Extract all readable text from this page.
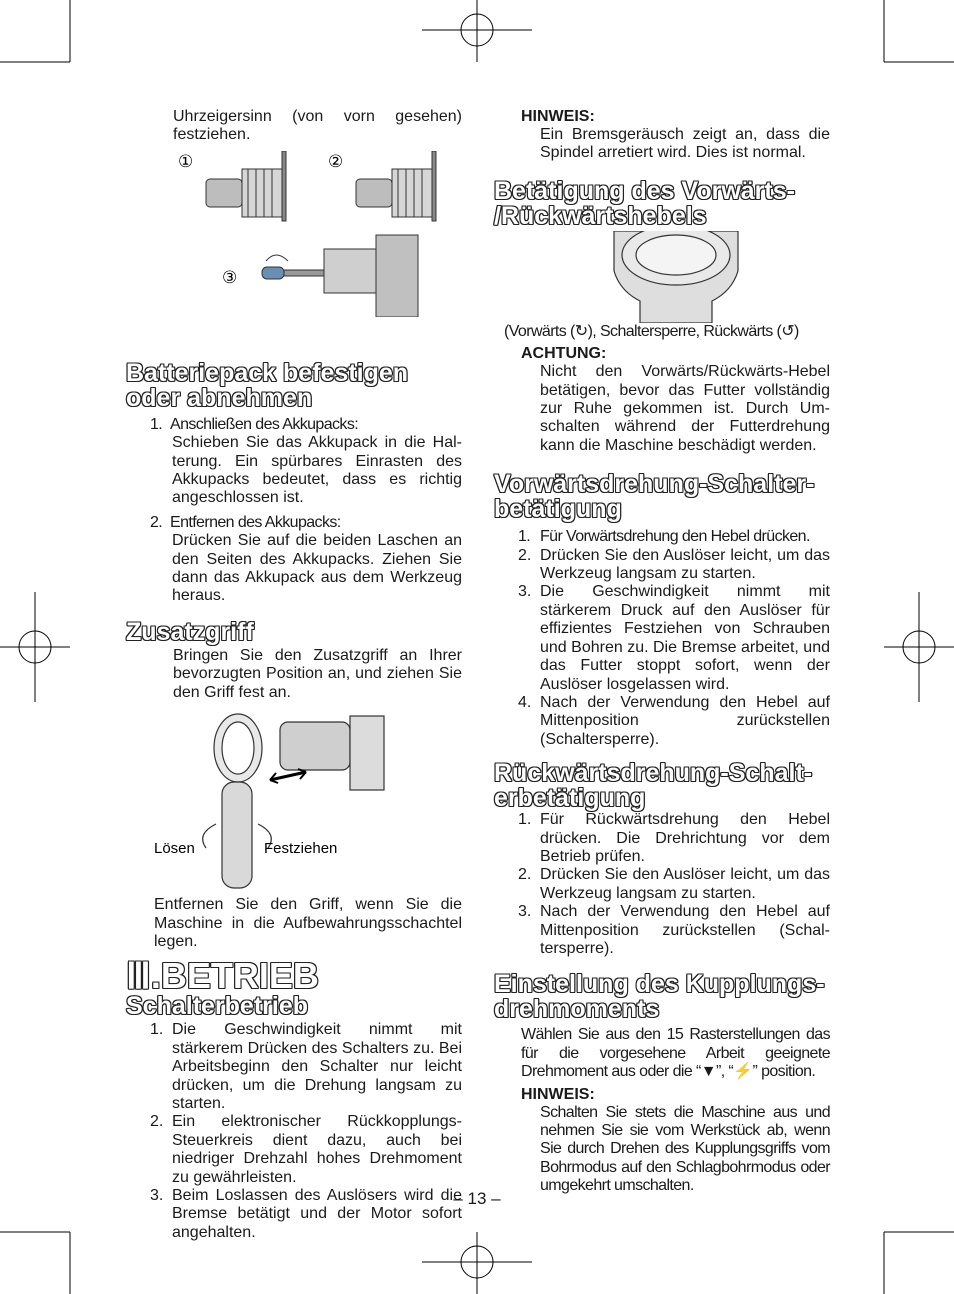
Uhrzeigersinn (von vorn gesehen) festziehen.

①	②
③
Batteriepack befestigen
oder abnehmen
1. Anschließen des Akkupacks:
Schieben Sie das Akkupack in die Halterung. Ein spürbares Einrasten des Akkupacks bedeutet, dass es richtig angeschlossen ist.
2. Entfernen des Akkupacks:
Drücken Sie auf die beiden Laschen an den Seiten des Akkupacks. Ziehen Sie dann das Akkupack aus dem Werkzeug heraus.
Zusatzgriff

Bringen Sie den Zusatzgriff an Ihrer bevorzugten Position an, und ziehen Sie den Griff fest an.

Lösen	Festziehen

Entfernen Sie den Griff, wenn Sie die Maschine in die Aufbewahrungsschachtel legen.

Ⅲ.BETRIEB
Schalterbetrieb
1. Die Geschwindigkeit nimmt mit stärkerem Drücken des Schalters zu. Bei Arbeitsbeginn den Schalter nur leicht drücken, um die Drehung langsam zu starten.
2. Ein elektronischer Rückkopplungs-Steuerkreis dient dazu, auch bei niedriger Drehzahl hohes Drehmoment zu gewährleisten.
3. Beim Loslassen des Auslösers wird die Bremse betätigt und der Motor sofort angehalten.

HINWEIS:

Ein Bremsgeräusch zeigt an, dass die Spindel arretiert wird. Dies ist normal.

Betätigung des Vorwärts-
/Rückwärtshebels

(Vorwärts (↻), Schaltersperre, Rückwärts (↺)

ACHTUNG:

Nicht den Vorwärts/Rückwärts-Hebel betätigen, bevor das Futter vollständig zur Ruhe gekommen ist. Durch Umschalten während der Futterdrehung kann die Maschine beschädigt werden.

Vorwärtsdrehung-Schalter-
betätigung
1. Für Vorwärtsdrehung den Hebel drücken.
2. Drücken Sie den Auslöser leicht, um das Werkzeug langsam zu starten.
3. Die Geschwindigkeit nimmt mit stärkerem Druck auf den Auslöser für effizientes Festziehen von Schrauben und Bohren zu. Die Bremse arbeitet, und das Futter stoppt sofort, wenn der Auslöser losgelassen wird.
4. Nach der Verwendung den Hebel auf Mittenposition zurückstellen (Schaltersperre).
Rückwärtsdrehung-Schalt-
erbetätigung
1. Für Rückwärtsdrehung den Hebel drücken. Die Drehrichtung vor dem Betrieb prüfen.
2. Drücken Sie den Auslöser leicht, um das Werkzeug langsam zu starten.
3. Nach der Verwendung den Hebel auf Mittenposition zurückstellen (Schaltersperre).
Einstellung des Kupplungs-
drehmoments

Wählen Sie aus den 15 Rasterstellungen das für die vorgesehene Arbeit geeignete Drehmoment aus oder die “▼”, “⚡” position.

HINWEIS:

Schalten Sie stets die Maschine aus und nehmen Sie sie vom Werkstück ab, wenn Sie durch Drehen des Kupplungsgriffs vom Bohrmodus auf den Schlagbohrmodus oder umgekehrt umschalten.

– 13 –
